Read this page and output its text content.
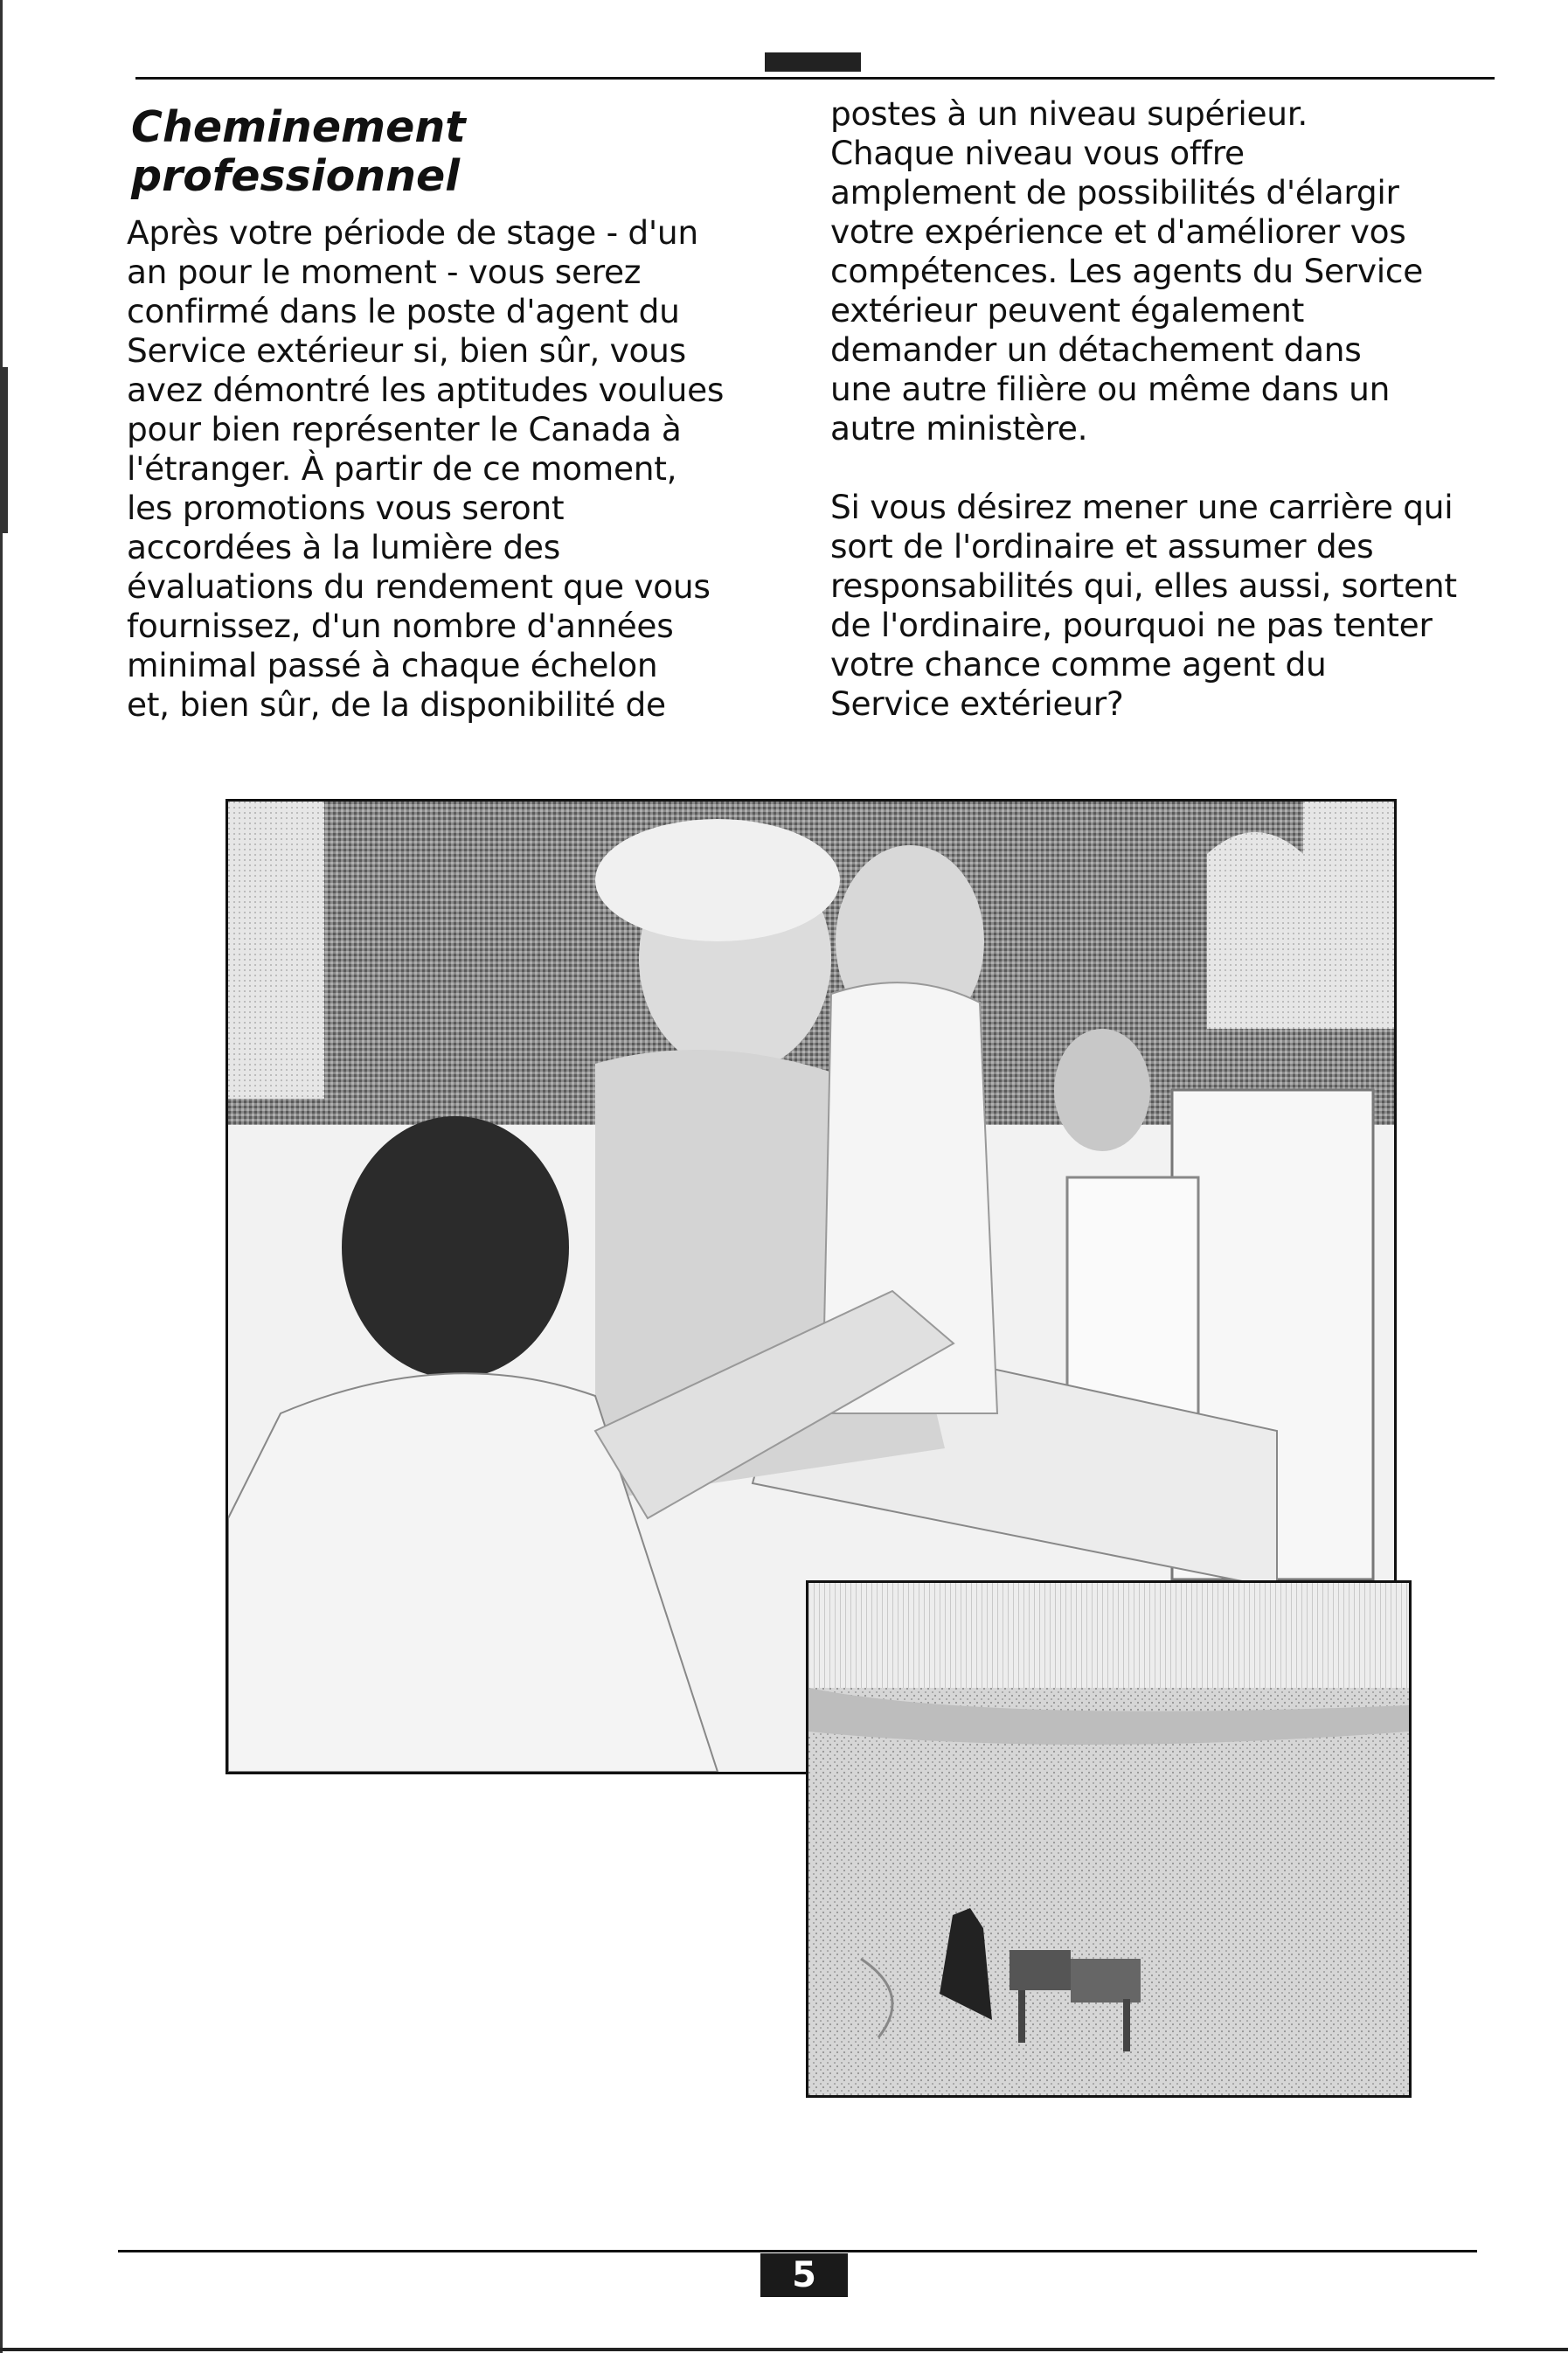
Cheminement
professionnel

Après votre période de stage - d'un
an pour le moment - vous serez
confirmé dans le poste d'agent du
Service extérieur si, bien sûr, vous
avez démontré les aptitudes voulues
pour bien représenter le Canada à
l'étranger. À partir de ce moment,
les promotions vous seront
accordées à la lumière des
évaluations du rendement que vous
fournissez, d'un nombre d'années
minimal passé à chaque échelon
et, bien sûr, de la disponibilité de

postes à un niveau supérieur.
Chaque niveau vous offre
amplement de possibilités d'élargir
votre expérience et d'améliorer vos
compétences. Les agents du Service
extérieur peuvent également
demander un détachement dans
une autre filière ou même dans un
autre ministère.

Si vous désirez mener une carrière qui
sort de l'ordinaire et assumer des
responsabilités qui, elles aussi, sortent
de l'ordinaire, pourquoi ne pas tenter
votre chance comme agent du
Service extérieur?

5
